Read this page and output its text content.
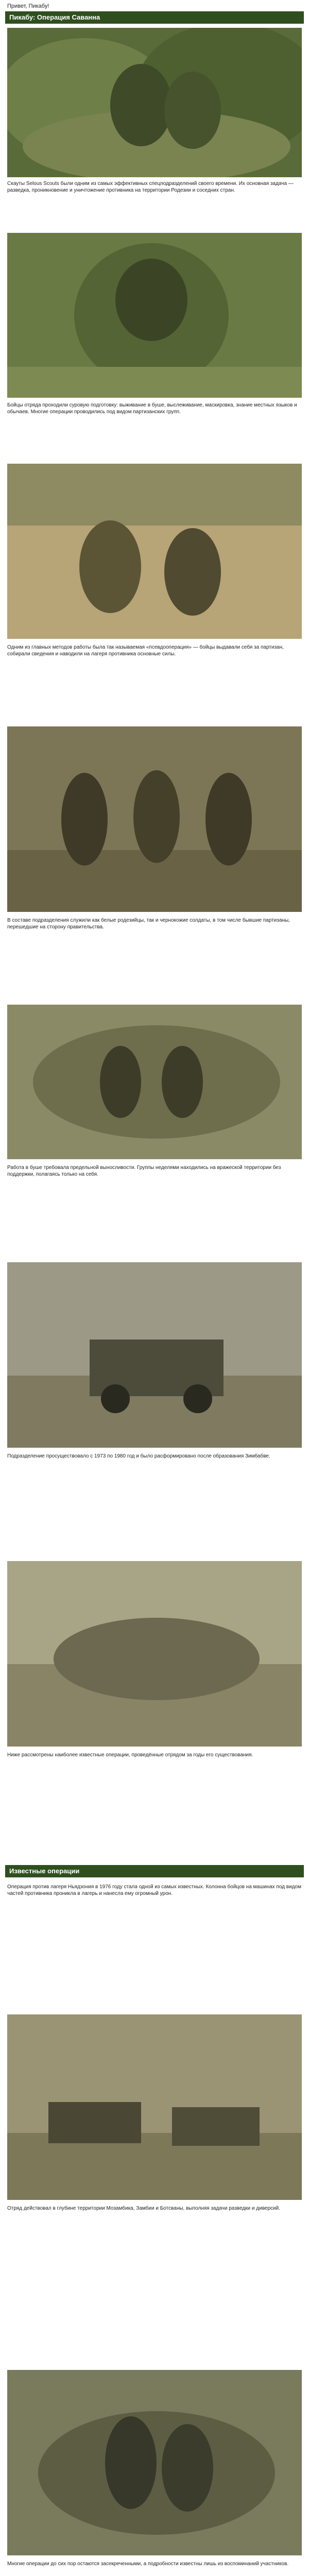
Привет, Пикабу!
Пикабу: Операция Саванна
Скауты Selous Scouts были одним из самых эффективных спецподразделений своего времени. Их основная задача — разведка, проникновение и уничтожение противника на территории Родезии и соседних стран.
Бойцы отряда проходили суровую подготовку: выживание в буше, выслеживание, маскировка, знание местных языков и обычаев. Многие операции проводились под видом партизанских групп.
Одним из главных методов работы была так называемая «псевдооперация» — бойцы выдавали себя за партизан, собирали сведения и наводили на лагеря противника основные силы.
В составе подразделения служили как белые родезийцы, так и чернокожие солдаты, в том числе бывшие партизаны, перешедшие на сторону правительства.
Работа в буше требовала предельной выносливости. Группы неделями находились на вражеской территории без поддержки, полагаясь только на себя.
Подразделение просуществовало с 1973 по 1980 год и было расформировано после образования Зимбабве.
Ниже рассмотрены наиболее известные операции, проведённые отрядом за годы его существования.
Известные операции
Операция против лагеря Ньядзония в 1976 году стала одной из самых известных. Колонна бойцов на машинах под видом частей противника проникла в лагерь и нанесла ему огромный урон.
Отряд действовал в глубине территории Мозамбика, Замбии и Ботсваны, выполняя задачи разведки и диверсий.
Многие операции до сих пор остаются засекреченными, а подробности известны лишь из воспоминаний участников.
